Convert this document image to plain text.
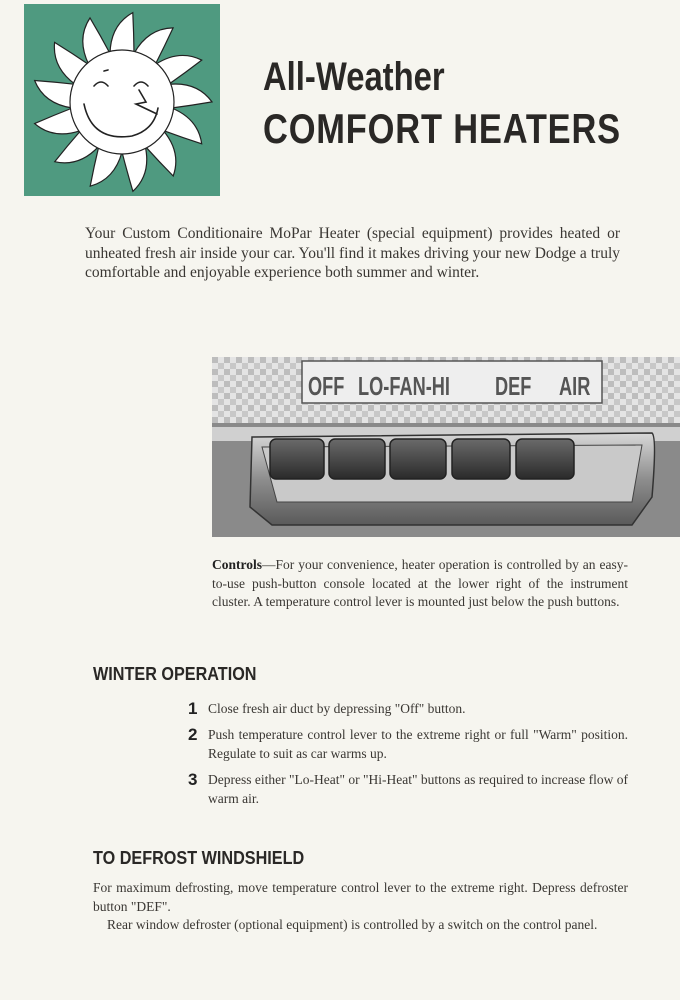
All-Weather
COMFORT HEATERS

Your Custom Conditionaire MoPar Heater (special equipment) provides heated or unheated fresh air inside your car. You'll find it makes driving your new Dodge a truly comfortable and enjoyable experience both summer and winter.

OFF LO-FAN-HI DEF AIR

Controls—For your convenience, heater operation is controlled by an easy-to-use push-button console located at the lower right of the instrument cluster. A temperature control lever is mounted just below the push buttons.

WINTER OPERATION
1 Close fresh air duct by depressing "Off" button.
2 Push temperature control lever to the extreme right or full "Warm" position. Regulate to suit as car warms up.
3 Depress either "Lo-Heat" or "Hi-Heat" buttons as required to increase flow of warm air.
TO DEFROST WINDSHIELD

For maximum defrosting, move temperature control lever to the extreme right. Depress defroster button "DEF".

Rear window defroster (optional equipment) is controlled by a switch on the control panel.
